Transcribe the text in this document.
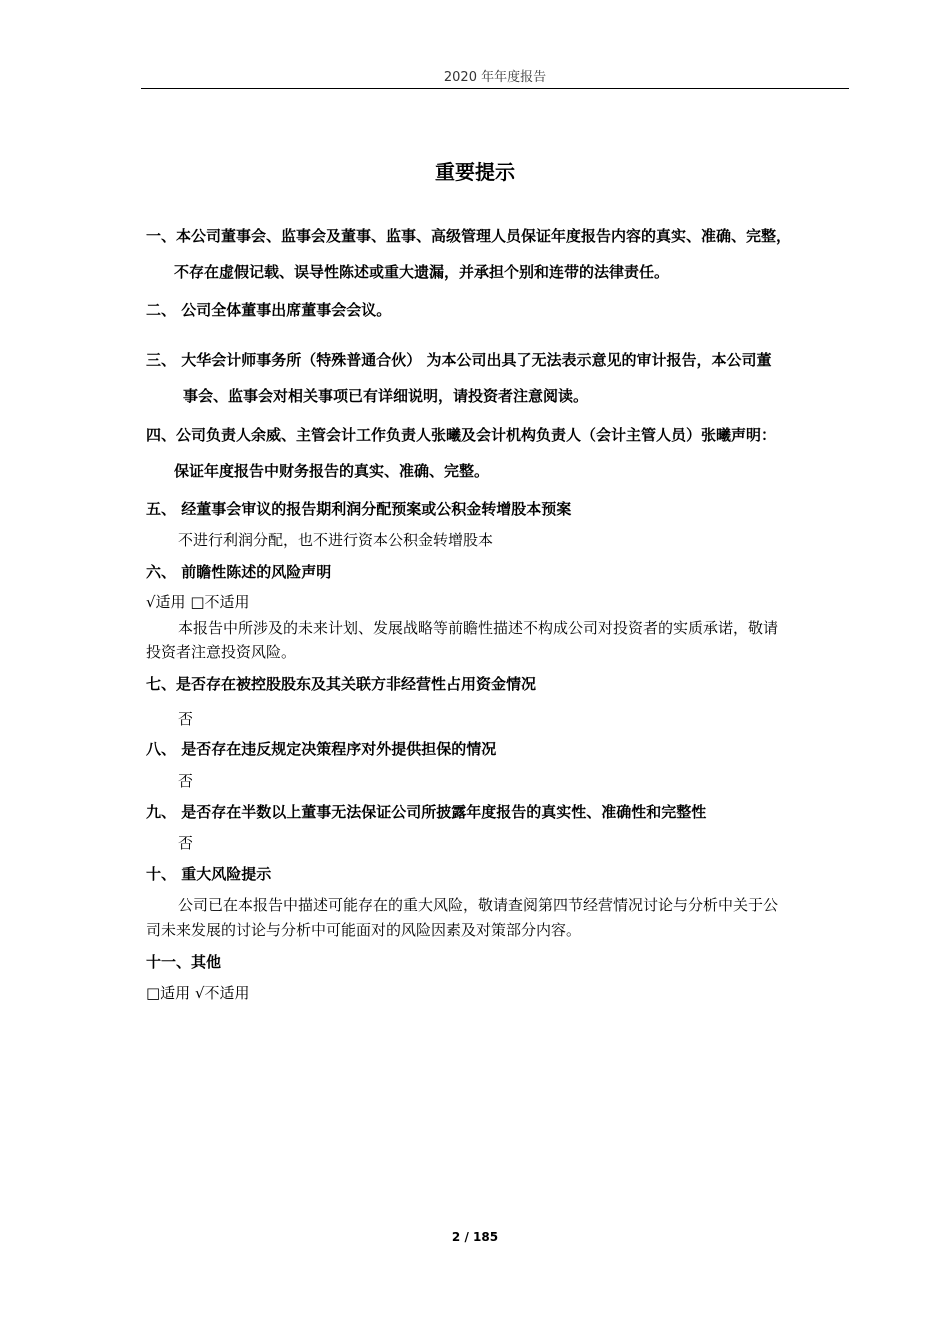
2020 年年度报告
重要提示
一、本公司董事会、监事会及董事、监事、高级管理人员保证年度报告内容的真实、准确、完整，
不存在虚假记载、误导性陈述或重大遗漏，并承担个别和连带的法律责任。
二、 公司全体董事出席董事会会议。
三、 大华会计师事务所（特殊普通合伙） 为本公司出具了无法表示意见的审计报告，本公司董
事会、监事会对相关事项已有详细说明，请投资者注意阅读。
四、公司负责人余威、主管会计工作负责人张曦及会计机构负责人（会计主管人员）张曦声明：
保证年度报告中财务报告的真实、准确、完整。
五、 经董事会审议的报告期利润分配预案或公积金转增股本预案
不进行利润分配，也不进行资本公积金转增股本
六、 前瞻性陈述的风险声明
√适用 □不适用
本报告中所涉及的未来计划、发展战略等前瞻性描述不构成公司对投资者的实质承诺，敬请
投资者注意投资风险。
七、是否存在被控股股东及其关联方非经营性占用资金情况
否
八、 是否存在违反规定决策程序对外提供担保的情况
否
九、 是否存在半数以上董事无法保证公司所披露年度报告的真实性、准确性和完整性
否
十、 重大风险提示
公司已在本报告中描述可能存在的重大风险，敬请查阅第四节经营情况讨论与分析中关于公
司未来发展的讨论与分析中可能面对的风险因素及对策部分内容。
十一、其他
□适用 √不适用
2 / 185
